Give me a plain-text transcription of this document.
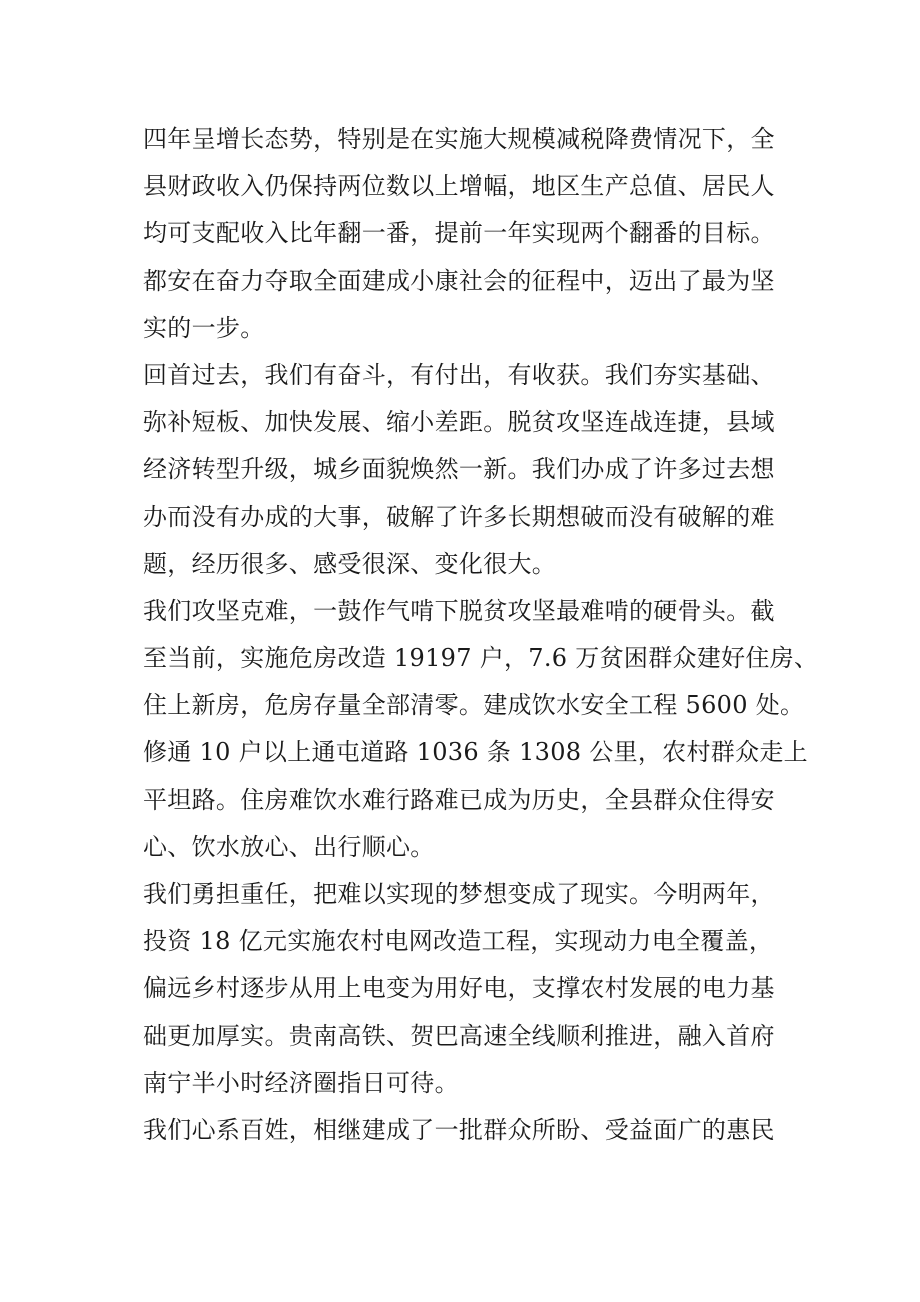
四年呈增长态势，特别是在实施大规模减税降费情况下，全
县财政收入仍保持两位数以上增幅，地区生产总值、居民人
均可支配收入比年翻一番，提前一年实现两个翻番的目标。
都安在奋力夺取全面建成小康社会的征程中，迈出了最为坚
实的一步。
回首过去，我们有奋斗，有付出，有收获。我们夯实基础、
弥补短板、加快发展、缩小差距。脱贫攻坚连战连捷，县域
经济转型升级，城乡面貌焕然一新。我们办成了许多过去想
办而没有办成的大事，破解了许多长期想破而没有破解的难
题，经历很多、感受很深、变化很大。
我们攻坚克难，一鼓作气啃下脱贫攻坚最难啃的硬骨头。截
至当前，实施危房改造 19197 户，7.6 万贫困群众建好住房、
住上新房，危房存量全部清零。建成饮水安全工程 5600 处。
修通 10 户以上通屯道路 1036 条 1308 公里，农村群众走上
平坦路。住房难饮水难行路难已成为历史，全县群众住得安
心、饮水放心、出行顺心。
我们勇担重任，把难以实现的梦想变成了现实。今明两年，
投资 18 亿元实施农村电网改造工程，实现动力电全覆盖，
偏远乡村逐步从用上电变为用好电，支撑农村发展的电力基
础更加厚实。贵南高铁、贺巴高速全线顺利推进，融入首府
南宁半小时经济圈指日可待。
我们心系百姓，相继建成了一批群众所盼、受益面广的惠民
